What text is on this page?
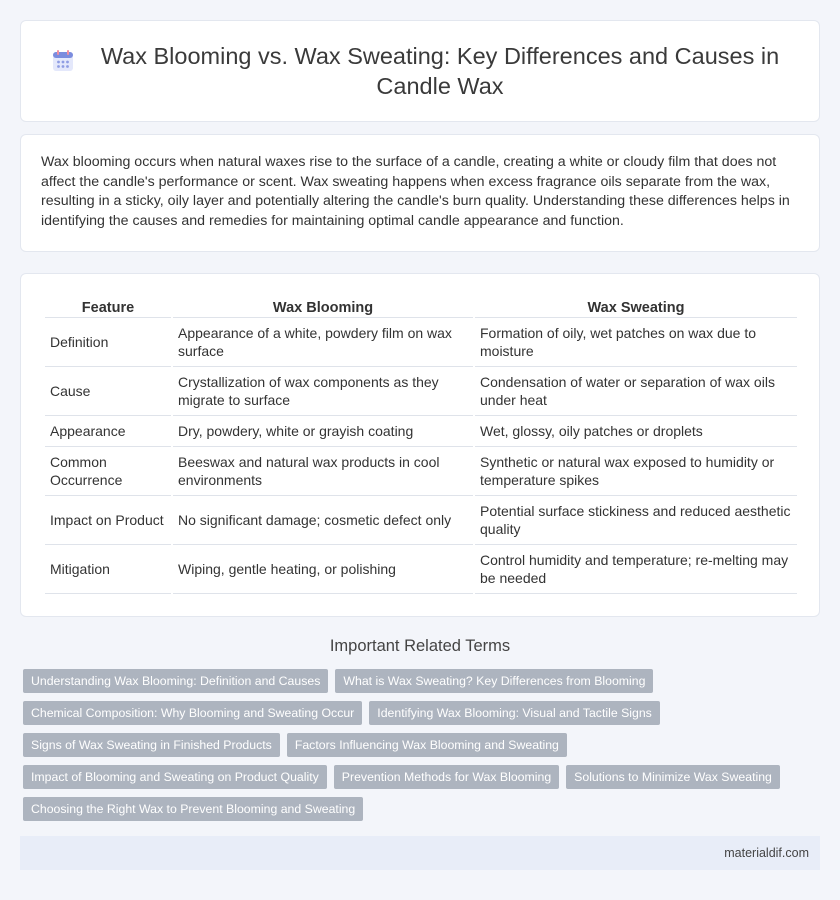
Wax Blooming vs. Wax Sweating: Key Differences and Causes in Candle Wax

Wax blooming occurs when natural waxes rise to the surface of a candle, creating a white or cloudy film that does not affect the candle's performance or scent. Wax sweating happens when excess fragrance oils separate from the wax, resulting in a sticky, oily layer and potentially altering the candle's burn quality. Understanding these differences helps in identifying the causes and remedies for maintaining optimal candle appearance and function.

Feature	Wax Blooming	Wax Sweating
Definition	Appearance of a white, powdery film on wax surface	Formation of oily, wet patches on wax due to moisture
Cause	Crystallization of wax components as they migrate to surface	Condensation of water or separation of wax oils under heat
Appearance	Dry, powdery, white or grayish coating	Wet, glossy, oily patches or droplets
Common Occurrence	Beeswax and natural wax products in cool environments	Synthetic or natural wax exposed to humidity or temperature spikes
Impact on Product	No significant damage; cosmetic defect only	Potential surface stickiness and reduced aesthetic quality
Mitigation	Wiping, gentle heating, or polishing	Control humidity and temperature; re-melting may be needed
Important Related Terms
Understanding Wax Blooming: Definition and Causes	What is Wax Sweating? Key Differences from Blooming
Chemical Composition: Why Blooming and Sweating Occur	Identifying Wax Blooming: Visual and Tactile Signs
Signs of Wax Sweating in Finished Products	Factors Influencing Wax Blooming and Sweating
Impact of Blooming and Sweating on Product Quality	Prevention Methods for Wax Blooming	Solutions to Minimize Wax Sweating
Choosing the Right Wax to Prevent Blooming and Sweating
materialdif.com
